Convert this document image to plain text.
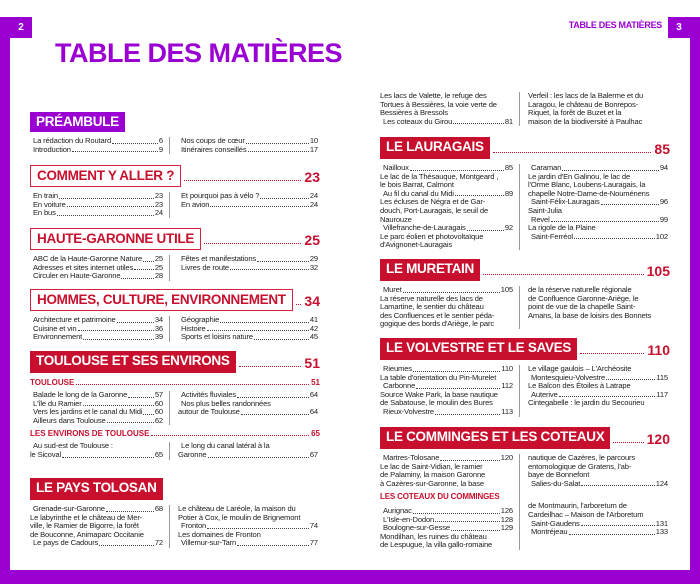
2	3
TABLE DES MATIÈRES
TABLE DES MATIÈRES
PRÉAMBULE
La rédaction du Routard	6
Introduction	9
Nos coups de cœur	10
Itinéraires conseillés	17
COMMENT Y ALLER ?	23
En train	23
En voiture	23
En bus	24
Et pourquoi pas à vélo ?	24
En avion	24
HAUTE-GARONNE UTILE	25
ABC de la Haute-Garonne Nature 25
Adresses et sites internet utiles	25
Circuler en Haute-Garonne	28
Fêtes et manifestations	29
Livres de route	32
HOMMES, CULTURE, ENVIRONNEMENT	34
Architecture et patrimoine	34
Cuisine et vin	36
Environnement	39
Géographie	41
Histoire	42
Sports et loisirs nature	45
TOULOUSE ET SES ENVIRONS	51
TOULOUSE	51
Balade le long de la Garonne	57
L'île du Ramier	60
Vers les jardins et le canal du Midi 60
Ailleurs dans Toulouse	62
Activités fluviales	64
Nos plus belles randonnées
autour de Toulouse	64
LES ENVIRONS DE TOULOUSE	65
Au sud-est de Toulouse :
le Sicoval	65
Le long du canal latéral à la
Garonne	67
LE PAYS TOLOSAN
Grenade-sur-Garonne	68
Le labyrinthe et le château de Mer-
ville, le Ramier de Bigorre, la forêt
de Bouconne, Animaparc Occitanie
Le pays de Cadours	72
Le château de Laréole, la maison du
Potier à Cox, le moulin de Brignemont
Fronton	74
Les domaines de Fronton
Villemur-sur-Tarn	77
Les lacs de Valette, le refuge des
Tortues à Bessières, la voie verte de
Bessières à Bressols
Les coteaux du Girou	81
Verfeil : les lacs de la Balerme et du
Laragou, le château de Bonrepos-
Riquet, la forêt de Buzet et la
maison de la biodiversité à Paulhac
LE LAURAGAIS	85
Nailloux	85
Le lac de la Thésauque, Montgeard ,
le bois Barrat, Calmont
Au fil du canal du Midi	89
Les écluses de Négra et de Gar-
douch, Port-Lauragais, le seuil de
Naurouze
Villefranche-de-Lauragais	92
Le parc éolien et photovoltaïque
d'Avignonet-Lauragais
Caraman	94
Le jardin d'En Galinou, le lac de
l'Orme Blanc, Loubens-Lauragais, la
chapelle Notre-Dame-de-Nouménens
Saint-Félix-Lauragais	96
Saint-Julia
Revel	99
La rigole de la Plaine
Saint-Ferréol	102
LE MURETAIN	105
Muret	105
La réserve naturelle des lacs de
Lamartine, le sentier du château
des Confluences et le sentier péda-
gogique des bords d'Ariège, le parc
de la réserve naturelle régionale
de Confluence Garonne-Ariège, le
point de vue de la chapelle Saint-
Amans, la base de loisirs des Bonnets
LE VOLVESTRE ET LE SAVES	110
Rieumes	110
La table d'orientation du Pin-Murelet
Carbonne	112
Source Wake Park, la base nautique
de Sabatouse, le moulin des Bures
Rieux-Volvestre	113
Le village gaulois – L'Archéosite
Montesquieu-Volvestre	115
Le Balcon des Étoiles à Latrape
Auterive	117
Cintegabelle : le jardin du Secourieu
LE COMMINGES ET LES COTEAUX	120
Martres-Tolosane	120
Le lac de Saint-Vidian, le ramier
de Palaminy, la maison Garonne
à Cazères-sur-Garonne, la base
LES COTEAUX DU COMMINGES
Aurignac	126
L'Isle-en-Dodon	128
Boulogne-sur-Gesse	129
Mondilhan, les ruines du château
de Lespugue, la villa gallo-romaine
nautique de Cazères, le parcours
entomologique de Gratens, l'ab-
baye de Bonnefont
Salies-du-Salat	124
de Montmaurin, l'arboretum de
Cardeilhac – Maison de l'Arboretum
Saint-Gaudens	131
Montréjeau	133
